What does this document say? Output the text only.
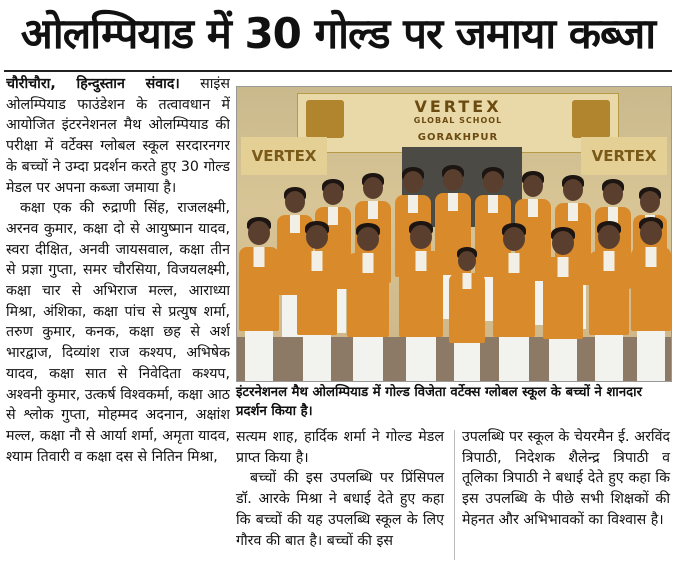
ओलम्पियाड में 30 गोल्ड पर जमाया कब्जा

चौरीचौरा, हिन्दुस्तान संवाद। साइंस ओलम्पियाड फाउंडेशन के तत्वावधान में आयोजित इंटरनेशनल मैथ ओलम्पियाड की परीक्षा में वर्टेक्स ग्लोबल स्कूल सरदारनगर के बच्चों ने उम्दा प्रदर्शन करते हुए 30 गोल्ड मेडल पर अपना कब्जा जमाया है।

कक्षा एक की रुद्राणी सिंह, राजलक्ष्मी, अरनव कुमार, कक्षा दो से आयुष्मान यादव, स्वरा दीक्षित, अनवी जायसवाल, कक्षा तीन से प्रज्ञा गुप्ता, समर चौरसिया, विजयलक्ष्मी, कक्षा चार से अभिराज मल्ल, आराध्या मिश्रा, अंशिका, कक्षा पांच से प्रत्युष शर्मा, तरुण कुमार, कनक, कक्षा छह से अर्श भारद्वाज, दिव्यांश राज कश्यप, अभिषेक यादव, कक्षा सात से निवेदिता कश्यप, अश्वनी कुमार, उत्कर्ष विश्वकर्मा, कक्षा आठ से श्लोक गुप्ता, मोहम्मद अदनान, अक्षांश मल्ल, कक्षा नौ से आर्या शर्मा, अमृता यादव, श्याम तिवारी व कक्षा दस से नितिन मिश्रा,

VERTEX
GLOBAL SCHOOL
GORAKHPUR
VERTEX	VERTEX
इंटरनेशनल मैथ ओलम्पियाड में गोल्ड विजेता वर्टेक्स ग्लोबल स्कूल के बच्चों ने शानदार प्रदर्शन किया है।

सत्यम शाह, हार्दिक शर्मा ने गोल्ड मेडल प्राप्त किया है।

बच्चों की इस उपलब्धि पर प्रिंसिपल डॉ. आरके मिश्रा ने बधाई देते हुए कहा कि बच्चों की यह उपलब्धि स्कूल के लिए गौरव की बात है। बच्चों की इस

उपलब्धि पर स्कूल के चेयरमैन ई. अरविंद त्रिपाठी, निदेशक शैलेन्द्र त्रिपाठी व तूलिका त्रिपाठी ने बधाई देते हुए कहा कि इस उपलब्धि के पीछे सभी शिक्षकों की मेहनत और अभिभावकों का विश्वास है।
